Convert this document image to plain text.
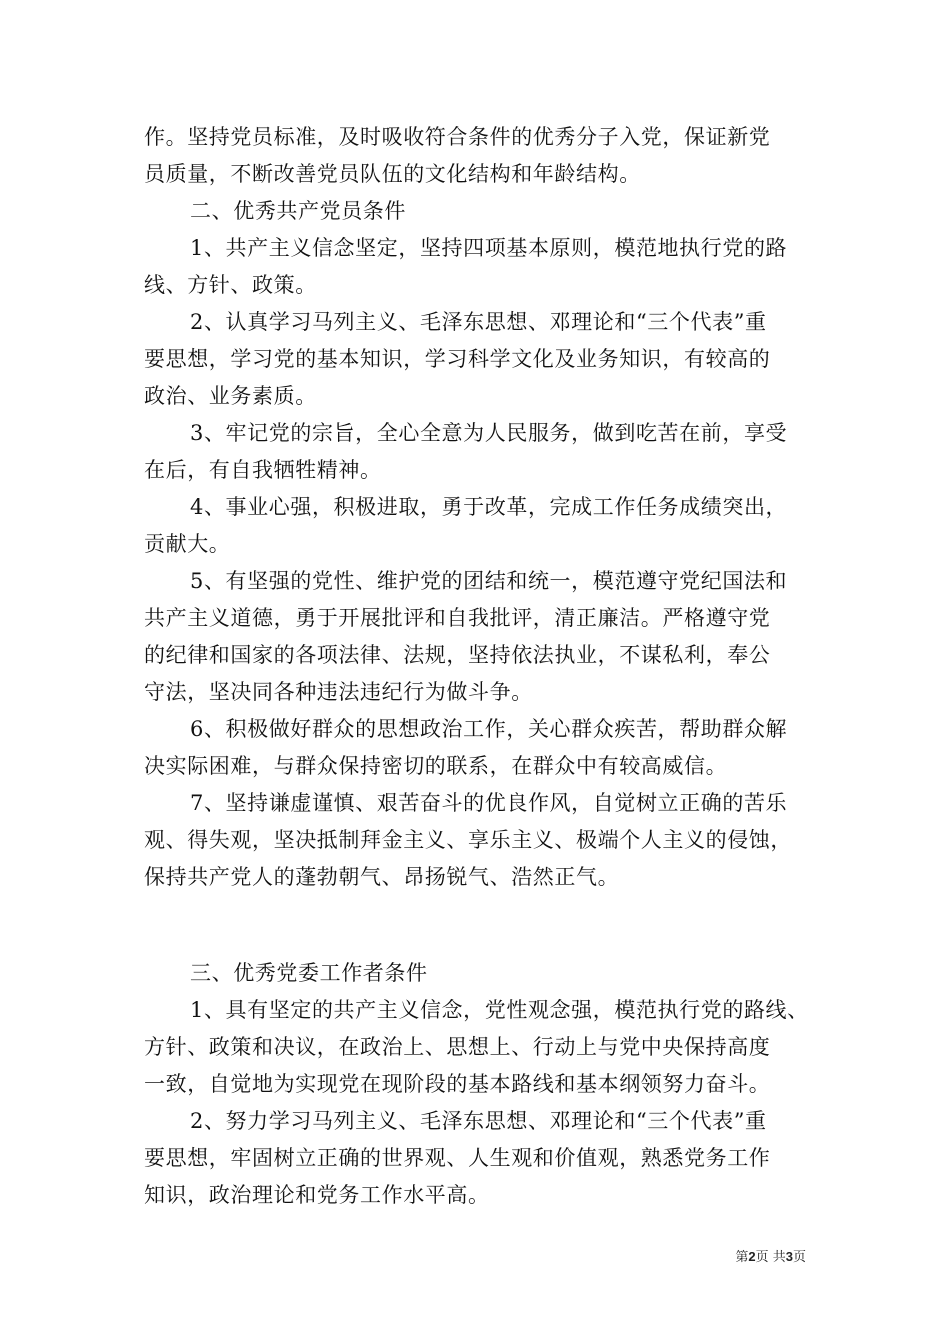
作。坚持党员标准，及时吸收符合条件的优秀分子入党，保证新党
员质量，不断改善党员队伍的文化结构和年龄结构。
二、优秀共产党员条件
1、共产主义信念坚定，坚持四项基本原则，模范地执行党的路
线、方针、政策。
2、认真学习马列主义、毛泽东思想、邓理论和“三个代表”重
要思想，学习党的基本知识，学习科学文化及业务知识，有较高的
政治、业务素质。
3、牢记党的宗旨，全心全意为人民服务，做到吃苦在前，享受
在后，有自我牺牲精神。
4、事业心强，积极进取，勇于改革，完成工作任务成绩突出，
贡献大。
5、有坚强的党性、维护党的团结和统一，模范遵守党纪国法和
共产主义道德，勇于开展批评和自我批评，清正廉洁。严格遵守党
的纪律和国家的各项法律、法规，坚持依法执业，不谋私利，奉公
守法，坚决同各种违法违纪行为做斗争。
6、积极做好群众的思想政治工作，关心群众疾苦，帮助群众解
决实际困难，与群众保持密切的联系，在群众中有较高威信。
7、坚持谦虚谨慎、艰苦奋斗的优良作风，自觉树立正确的苦乐
观、得失观，坚决抵制拜金主义、享乐主义、极端个人主义的侵蚀，
保持共产党人的蓬勃朝气、昂扬锐气、浩然正气。
三、优秀党委工作者条件
1、具有坚定的共产主义信念，党性观念强，模范执行党的路线、
方针、政策和决议，在政治上、思想上、行动上与党中央保持高度
一致，自觉地为实现党在现阶段的基本路线和基本纲领努力奋斗。
2、努力学习马列主义、毛泽东思想、邓理论和“三个代表”重
要思想，牢固树立正确的世界观、人生观和价值观，熟悉党务工作
知识，政治理论和党务工作水平高。
第2页 共3页
